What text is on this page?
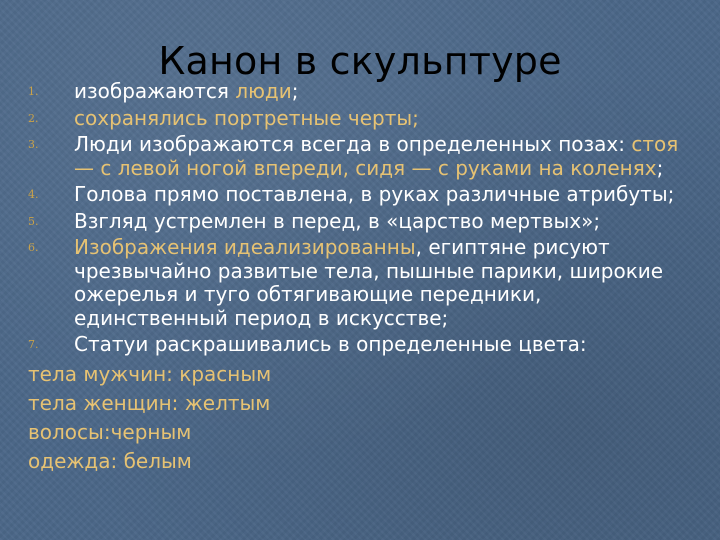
Канон в скульптуре
1. изображаются люди;
2. сохранялись портретные черты;
3. Люди изображаются всегда в определенных позах: стоя — с левой ногой впереди, сидя — с руками на коленях;
4. Голова прямо поставлена, в руках различные атрибуты;
5. Взгляд устремлен в перед, в «царство мертвых»;
6. Изображения идеализированны, египтяне рисуют чрезвычайно развитые тела, пышные парики, широкие ожерелья и туго обтягивающие передники, единственный период в искусстве;
7. Статуи раскрашивались в определенные цвета:
тела мужчин: красным
тела женщин: желтым
волосы:черным
одежда: белым
